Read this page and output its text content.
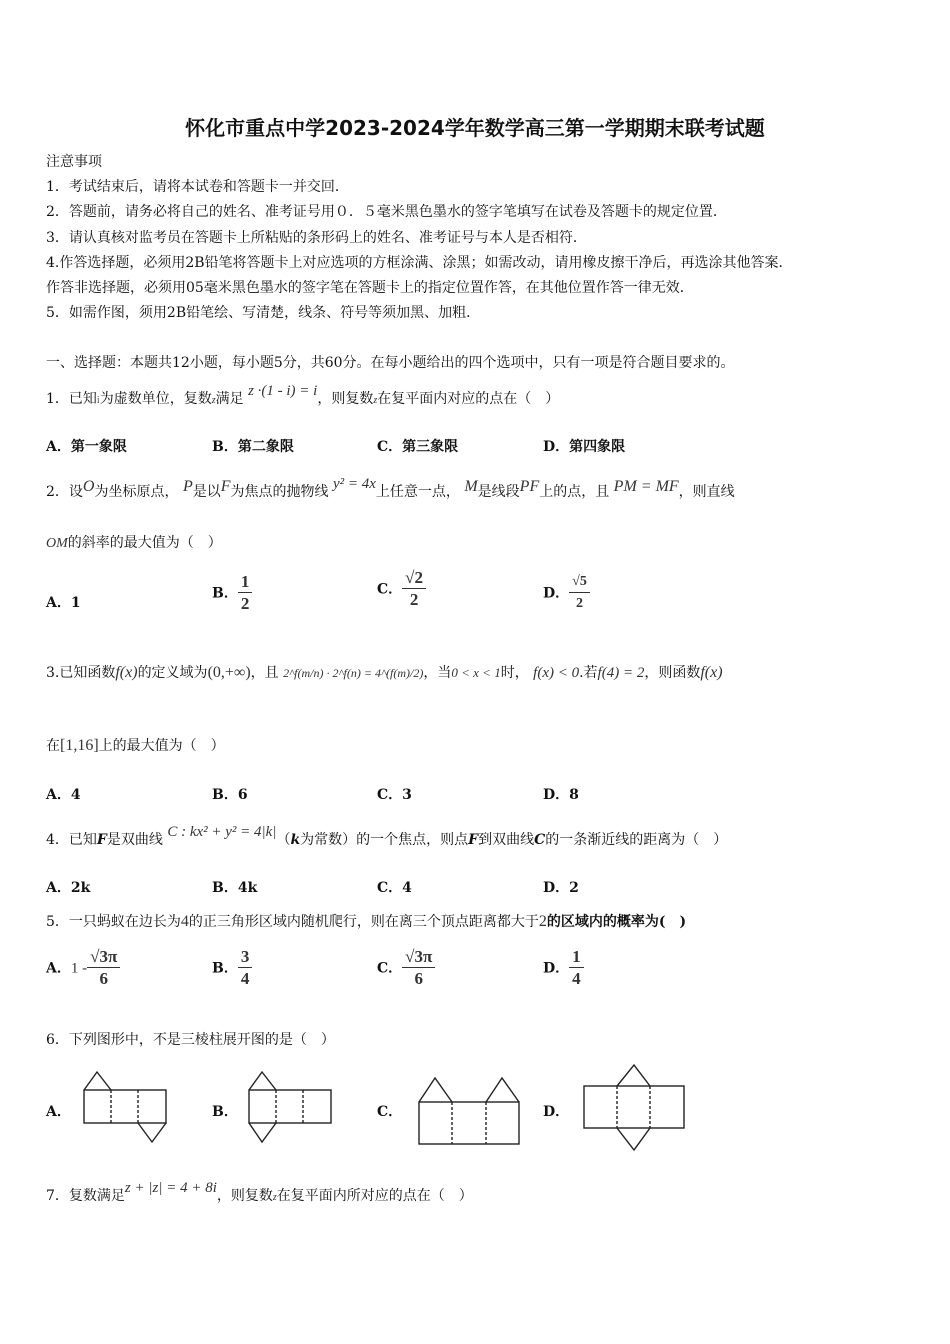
怀化市重点中学2023-2024学年数学高三第一学期期末联考试题
注意事项
1．考试结束后，请将本试卷和答题卡一并交回．
2．答题前，请务必将自己的姓名、准考证号用０．５毫米黑色墨水的签字笔填写在试卷及答题卡的规定位置．
3．请认真核对监考员在答题卡上所粘贴的条形码上的姓名、准考证号与本人是否相符．
4.作答选择题，必须用2B铅笔将答题卡上对应选项的方框涂满、涂黑；如需改动，请用橡皮擦干净后，再选涂其他答案．
作答非选择题，必须用05毫米黑色墨水的签字笔在答题卡上的指定位置作答，在其他位置作答一律无效．
5．如需作图，须用2B铅笔绘、写清楚，线条、符号等须加黑、加粗．
一、选择题：本题共12小题，每小题5分，共60分。在每小题给出的四个选项中，只有一项是符合题目要求的。
1．已知i为虚数单位，复数z满足 z ·(1 - i) = i，则复数z在复平面内对应的点在（　）
A．第一象限	B．第二象限	C．第三象限	D．第四象限
2．设O为坐标原点， P是以F为焦点的抛物线 y² = 4x上任意一点， M是线段PF上的点，且 PM = MF，则直线
OM的斜率的最大值为（　）
A．1
B． $\frac{1}{2}$	C． $\frac{√2}{2}$	D． $\frac{√5}{2}$
3.已知函数f(x)的定义域为(0,+∞)，且 2^f(m/n) · 2^f(n) = 4^(f(m)/2)，当0 < x < 1时， f(x) < 0.若f(4) = 2，则函数f(x)
在[1,16]上的最大值为（　）
A．4	B．6	C．3	D．8
4．已知F是双曲线 C : kx² + y² = 4|k|（k为常数）的一个焦点，则点F到双曲线C的一条渐近线的距离为（　）
A．2k	B．4k	C．4	D．2
5．一只蚂蚁在边长为4的正三角形区域内随机爬行，则在离三个顶点距离都大于2的区域内的概率为(　)
A．$1 - \frac{√3\pi}{6}$	B． $\frac{3}{4}$	C． $\frac{√3\pi}{6}$	D． $\frac{1}{4}$
6．下列图形中，不是三棱柱展开图的是（　）
A．	B．	C．	D．
7．复数满足z + |z| = 4 + 8i，则复数z在复平面内所对应的点在（　）
